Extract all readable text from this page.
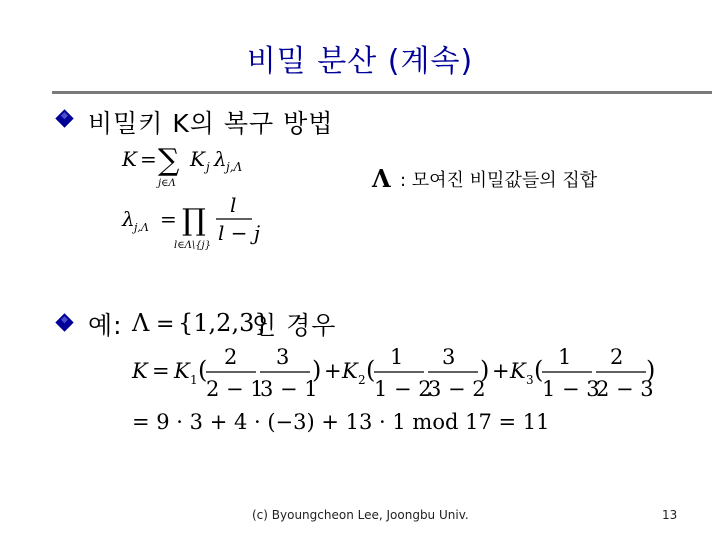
비밀 분산 (계속)
비밀키 K의 복구 방법
K = ∑
j∈Λ
K j λ j,Λ
λ j,Λ = ∏
l∈Λ\{j}
l
l − j
Λ : 모여진 비밀값들의 집합
예: Λ = {1,2,3}
인 경우
K = K 1 ( 2
2 − 1
3
3 − 1
) + K 2 ( 1
1 − 2
3
3 − 2
) + K 3 ( 1
1 − 3
2
2 − 3
)
= 9 · 3 + 4 · (−3) + 13 · 1 mod 17 = 11
(c) Byoungcheon Lee, Joongbu Univ.	13
